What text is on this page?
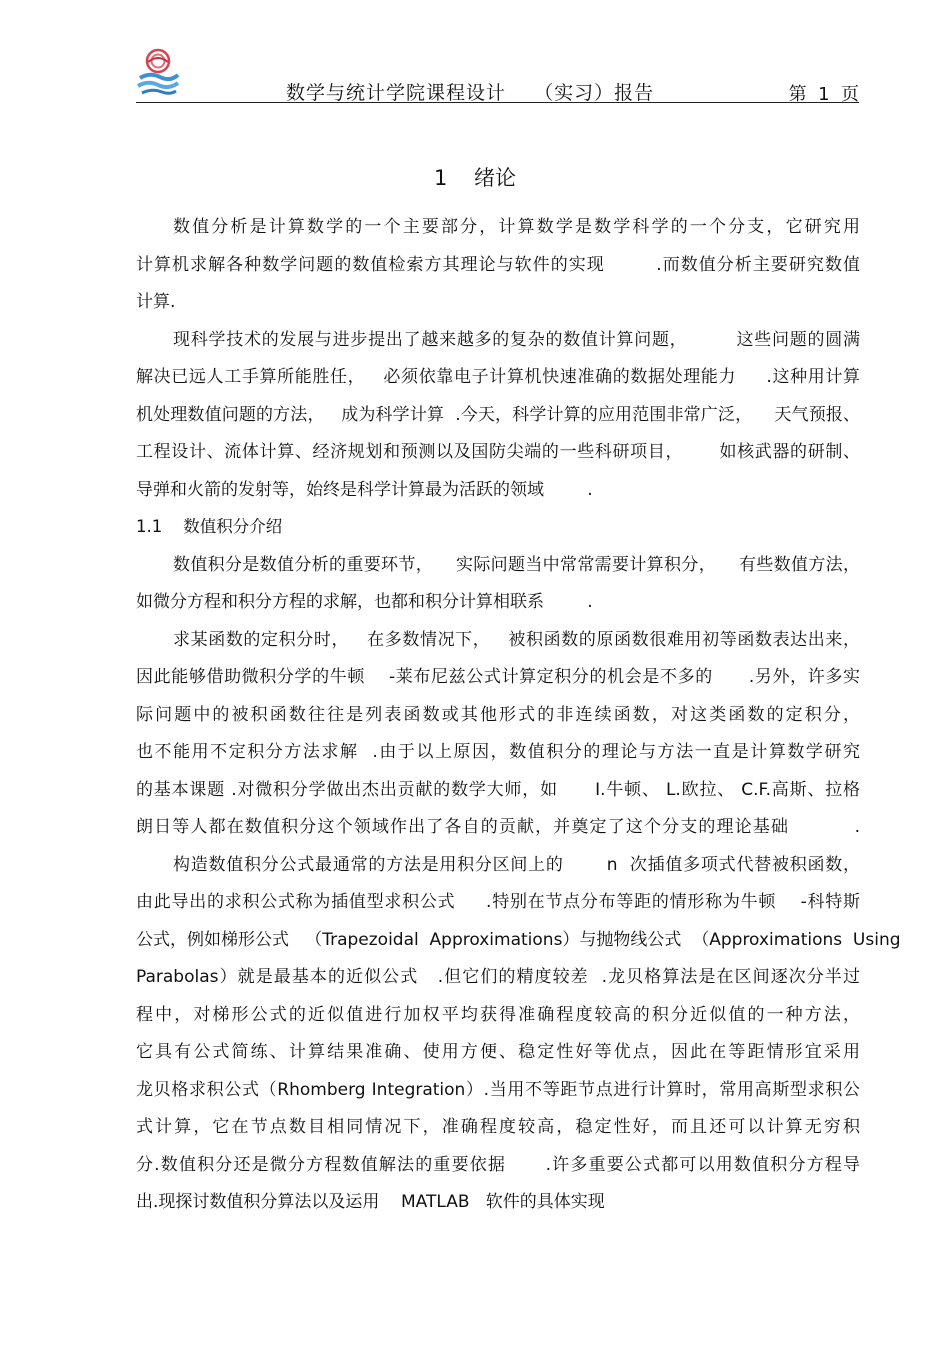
数学与统计学院课程设计    （实习）报告	第  1  页
1    绪论
数值分析是计算数学的一个主要部分，计算数学是数学科学的一个分支，它研究用
计算机求解各种数学问题的数值检索方其理论与软件的实现        .而数值分析主要研究数值
计算.
现科学技术的发展与进步提出了越来越多的复杂的数值计算问题，        这些问题的圆满
解决已远人工手算所能胜任，   必须依靠电子计算机快速准确的数据处理能力     .这种用计算
机处理数值问题的方法，   成为科学计算  .今天，科学计算的应用范围非常广泛，    天气预报、
工程设计、流体计算、经济规划和预测以及国防尖端的一些科研项目，      如核武器的研制、
导弹和火箭的发射等，始终是科学计算最为活跃的领域        .
1.1    数值积分介绍
数值积分是数值分析的重要环节，    实际问题当中常常需要计算积分，    有些数值方法，
如微分方程和积分方程的求解，也都和积分计算相联系        .
求某函数的定积分时，   在多数情况下，   被积函数的原函数很难用初等函数表达出来，
因此能够借助微积分学的牛顿    -莱布尼兹公式计算定积分的机会是不多的      .另外，许多实
际问题中的被积函数往往是列表函数或其他形式的非连续函数，对这类函数的定积分，
也不能用不定积分方法求解  .由于以上原因，数值积分的理论与方法一直是计算数学研究
的基本课题 .对微积分学做出杰出贡献的数学大师，如      I.牛顿、 L.欧拉、 C.F.高斯、拉格
朗日等人都在数值积分这个领域作出了各自的贡献，并奠定了这个分支的理论基础          .
构造数值积分公式最通常的方法是用积分区间上的       n  次插值多项式代替被积函数，
由此导出的求积公式称为插值型求积公式     .特别在节点分布等距的情形称为牛顿    -科特斯
公式，例如梯形公式   （Trapezoidal  Approximations）与抛物线公式  （Approximations  Using
Parabolas）就是最基本的近似公式   .但它们的精度较差  .龙贝格算法是在区间逐次分半过
程中，对梯形公式的近似值进行加权平均获得准确程度较高的积分近似值的一种方法，
它具有公式简练、计算结果准确、使用方便、稳定性好等优点，因此在等距情形宜采用
龙贝格求积公式（Rhomberg Integration）.当用不等距节点进行计算时，常用高斯型求积公
式计算，它在节点数目相同情况下，准确程度较高，稳定性好，而且还可以计算无穷积
分.数值积分还是微分方程数值解法的重要依据      .许多重要公式都可以用数值积分方程导
出.现探讨数值积分算法以及运用    MATLAB   软件的具体实现
